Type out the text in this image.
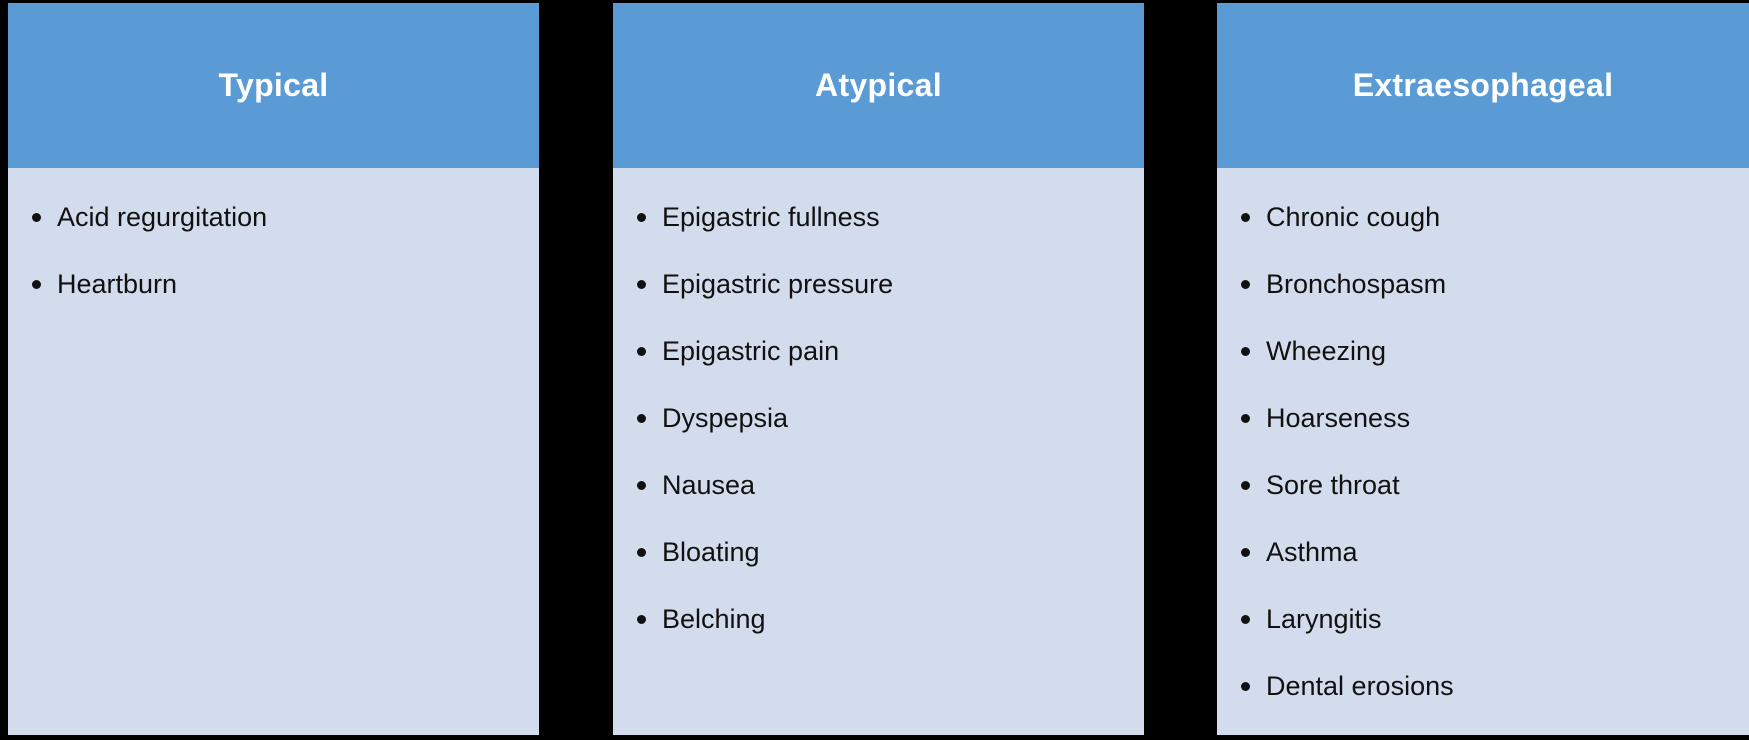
Typical
Acid regurgitation
Heartburn
Atypical
Epigastric fullness
Epigastric pressure
Epigastric pain
Dyspepsia
Nausea
Bloating
Belching
Extraesophageal
Chronic cough
Bronchospasm
Wheezing
Hoarseness
Sore throat
Asthma
Laryngitis
Dental erosions
